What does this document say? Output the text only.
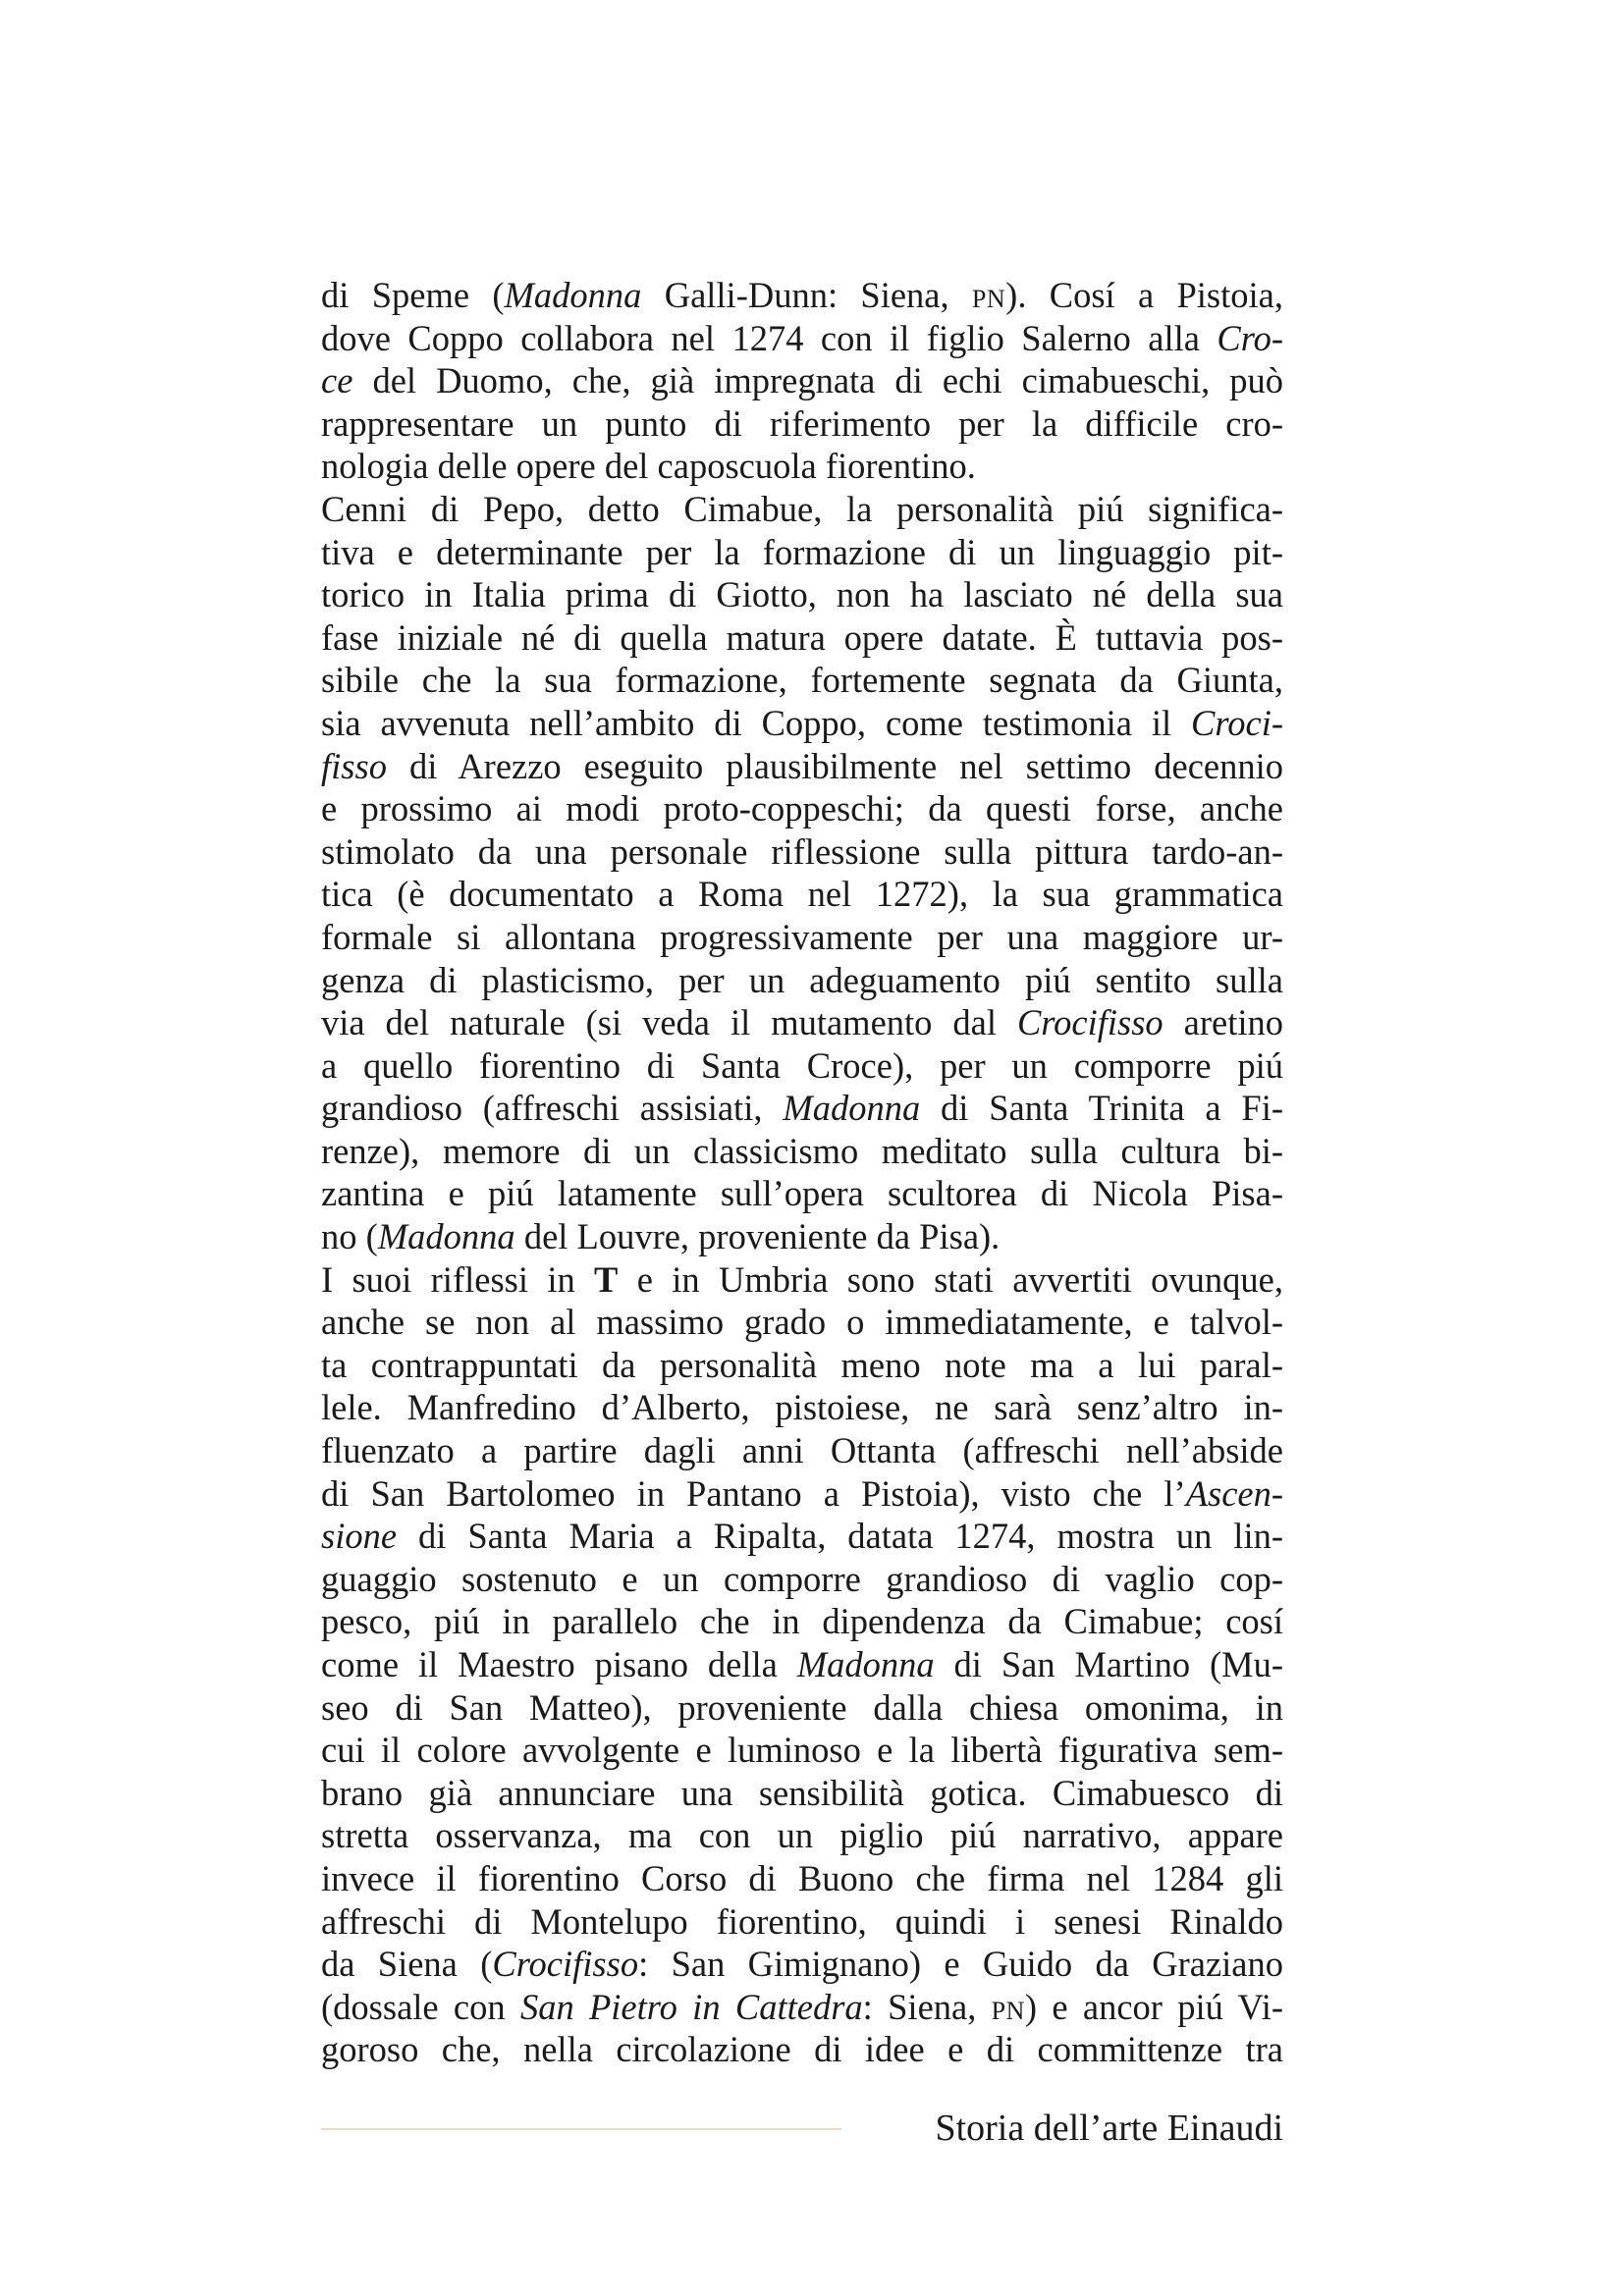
di Speme (Madonna Galli-Dunn: Siena, pn). Cosí a Pistoia,
dove Coppo collabora nel 1274 con il figlio Salerno alla Cro-
ce del Duomo, che, già impregnata di echi cimabueschi, può
rappresentare un punto di riferimento per la difficile cro-
nologia delle opere del caposcuola fiorentino.
Cenni di Pepo, detto Cimabue, la personalità piú significa-
tiva e determinante per la formazione di un linguaggio pit-
torico in Italia prima di Giotto, non ha lasciato né della sua
fase iniziale né di quella matura opere datate. È tuttavia pos-
sibile che la sua formazione, fortemente segnata da Giunta,
sia avvenuta nell’ambito di Coppo, come testimonia il Croci-
fisso di Arezzo eseguito plausibilmente nel settimo decennio
e prossimo ai modi proto-coppeschi; da questi forse, anche
stimolato da una personale riflessione sulla pittura tardo-an-
tica (è documentato a Roma nel 1272), la sua grammatica
formale si allontana progressivamente per una maggiore ur-
genza di plasticismo, per un adeguamento piú sentito sulla
via del naturale (si veda il mutamento dal Crocifisso aretino
a quello fiorentino di Santa Croce), per un comporre piú
grandioso (affreschi assisiati, Madonna di Santa Trinita a Fi-
renze), memore di un classicismo meditato sulla cultura bi-
zantina e piú latamente sull’opera scultorea di Nicola Pisa-
no (Madonna del Louvre, proveniente da Pisa).
I suoi riflessi in T e in Umbria sono stati avvertiti ovunque,
anche se non al massimo grado o immediatamente, e talvol-
ta contrappuntati da personalità meno note ma a lui paral-
lele. Manfredino d’Alberto, pistoiese, ne sarà senz’altro in-
fluenzato a partire dagli anni Ottanta (affreschi nell’abside
di San Bartolomeo in Pantano a Pistoia), visto che l’Ascen-
sione di Santa Maria a Ripalta, datata 1274, mostra un lin-
guaggio sostenuto e un comporre grandioso di vaglio cop-
pesco, piú in parallelo che in dipendenza da Cimabue; cosí
come il Maestro pisano della Madonna di San Martino (Mu-
seo di San Matteo), proveniente dalla chiesa omonima, in
cui il colore avvolgente e luminoso e la libertà figurativa sem-
brano già annunciare una sensibilità gotica. Cimabuesco di
stretta osservanza, ma con un piglio piú narrativo, appare
invece il fiorentino Corso di Buono che firma nel 1284 gli
affreschi di Montelupo fiorentino, quindi i senesi Rinaldo
da Siena (Crocifisso: San Gimignano) e Guido da Graziano
(dossale con San Pietro in Cattedra: Siena, pn) e ancor piú Vi-
goroso che, nella circolazione di idee e di committenze tra
Storia dell’arte Einaudi
